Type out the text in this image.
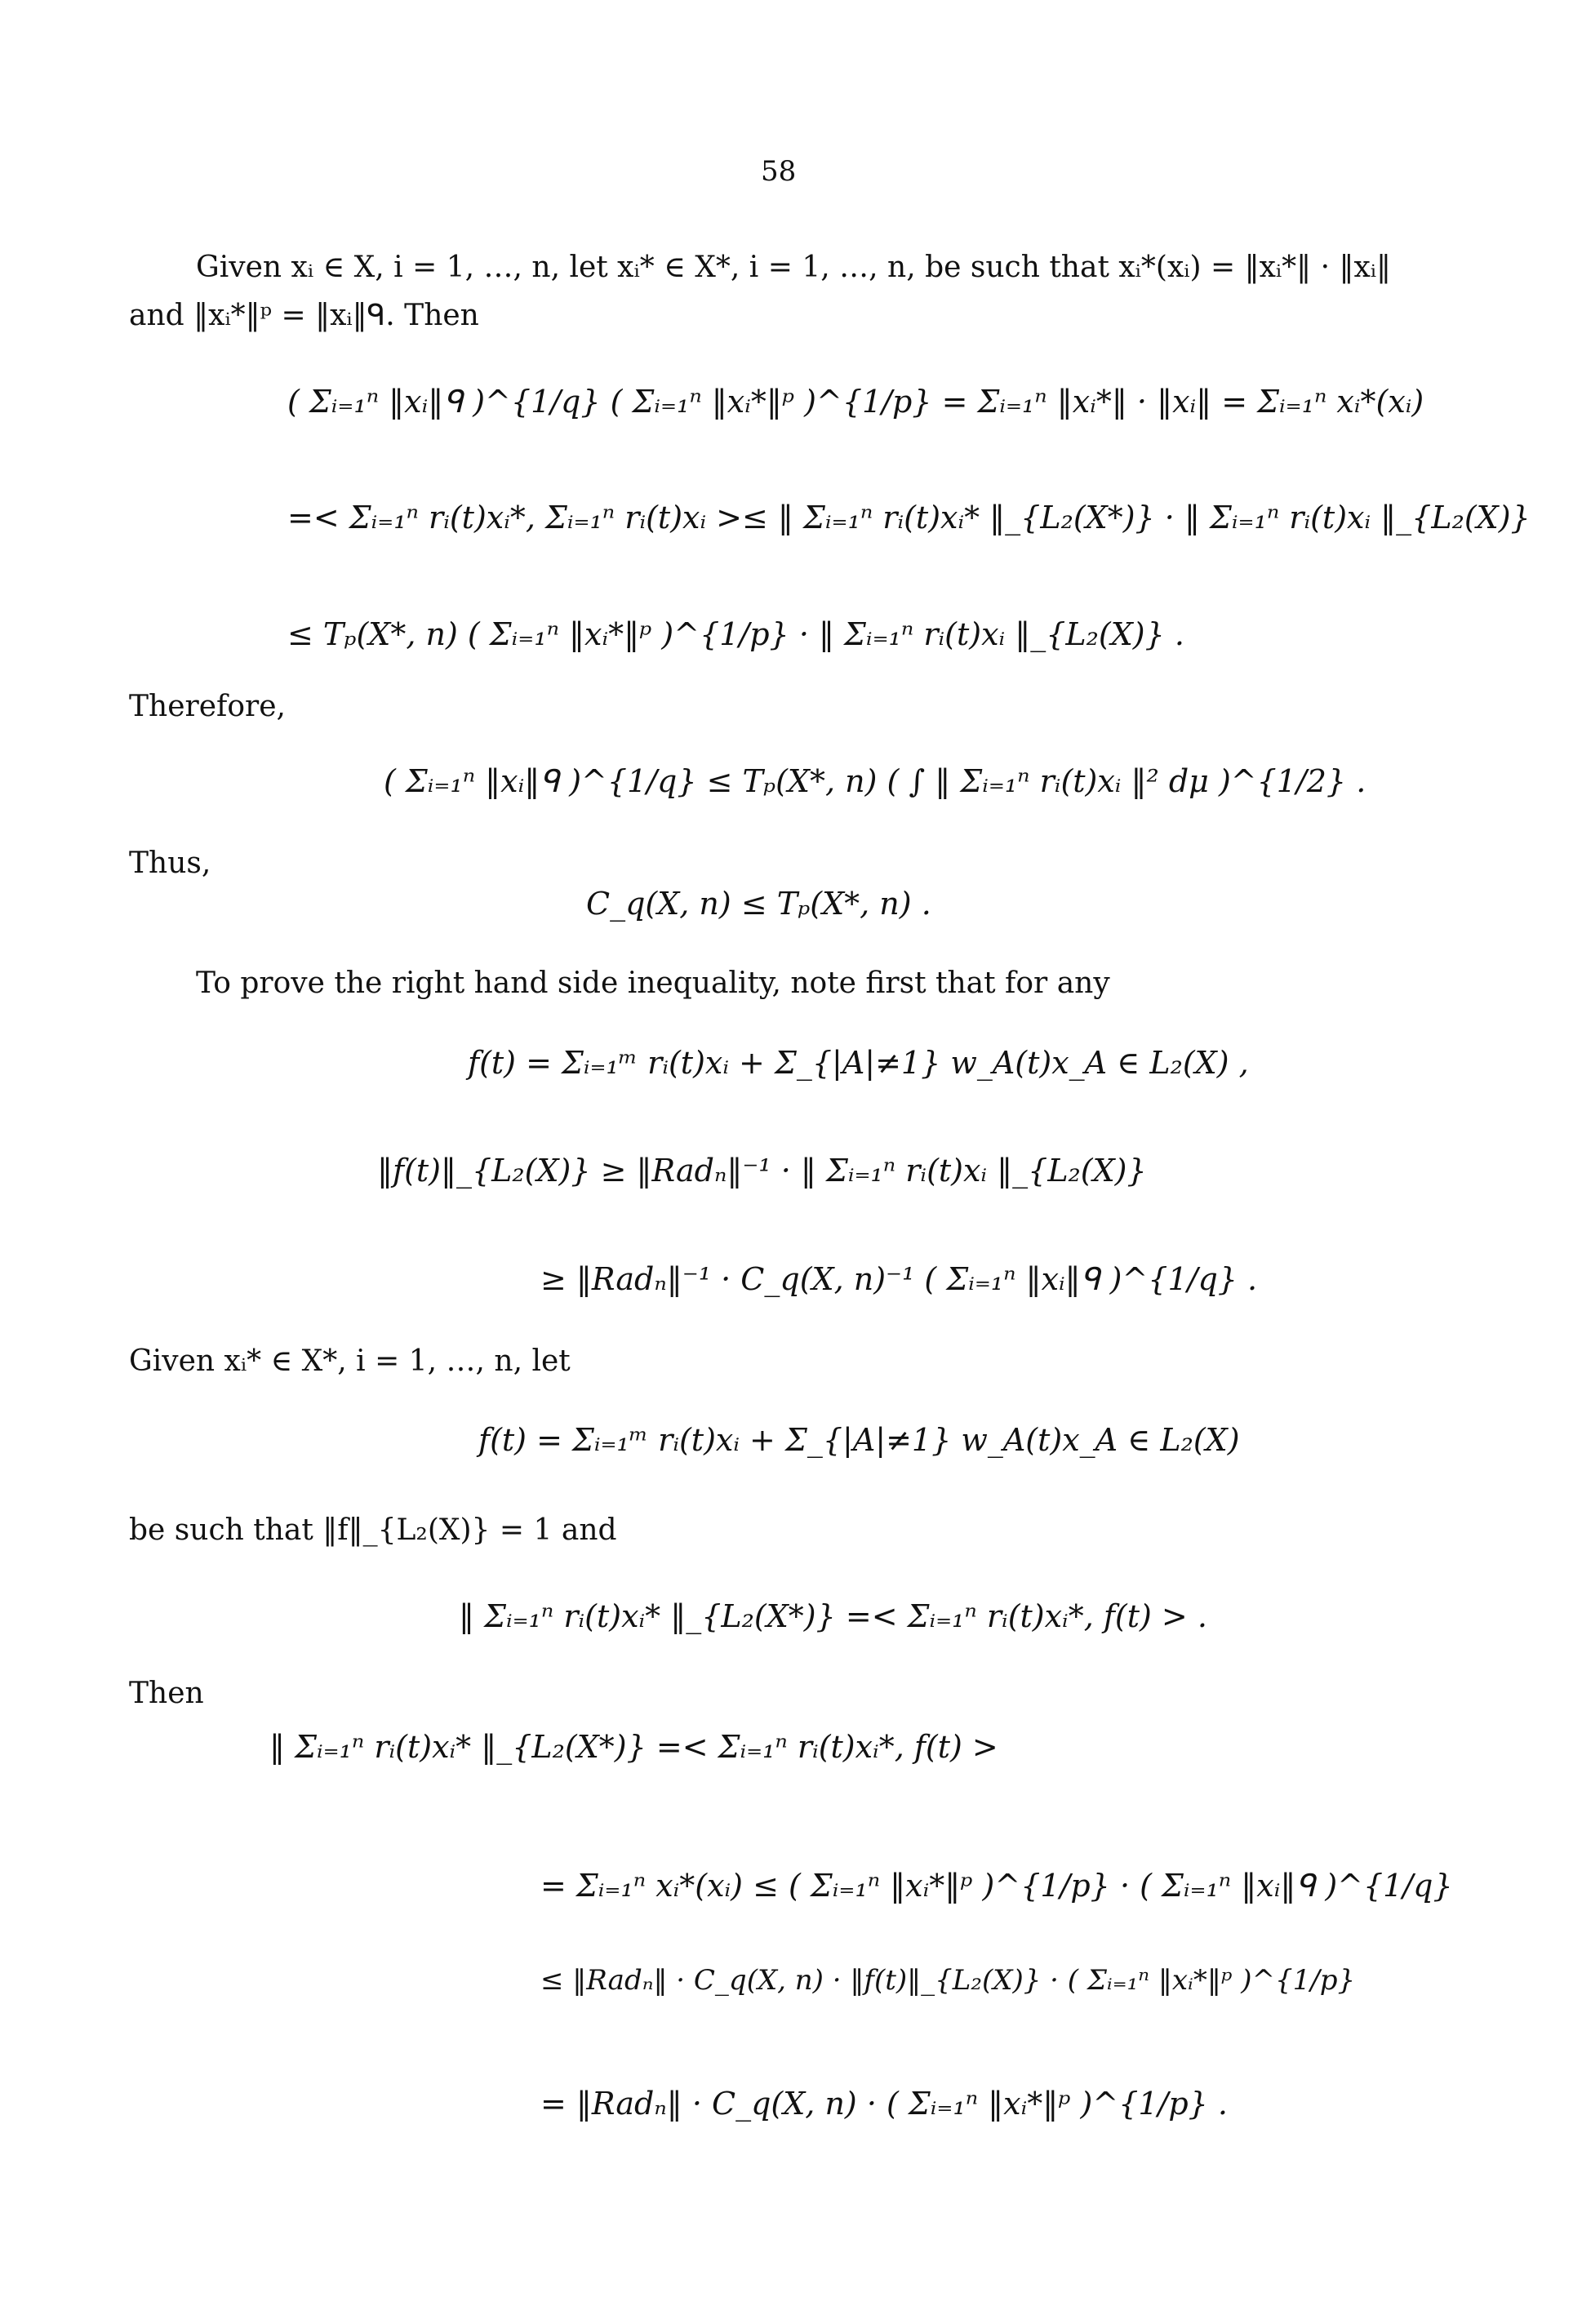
58
Given xᵢ ∈ X, i = 1, …, n, let xᵢ* ∈ X*, i = 1, …, n, be such that xᵢ*(xᵢ) = ‖xᵢ*‖ · ‖xᵢ‖
and ‖xᵢ*‖ᵖ = ‖xᵢ‖ᑫ. Then
( Σᵢ₌₁ⁿ ‖xᵢ‖ᑫ )^{1/q} ( Σᵢ₌₁ⁿ ‖xᵢ*‖ᵖ )^{1/p} = Σᵢ₌₁ⁿ ‖xᵢ*‖ · ‖xᵢ‖ = Σᵢ₌₁ⁿ xᵢ*(xᵢ)
=< Σᵢ₌₁ⁿ rᵢ(t)xᵢ*, Σᵢ₌₁ⁿ rᵢ(t)xᵢ >≤ ‖ Σᵢ₌₁ⁿ rᵢ(t)xᵢ* ‖_{L₂(X*)} · ‖ Σᵢ₌₁ⁿ rᵢ(t)xᵢ ‖_{L₂(X)}
≤ Tₚ(X*, n) ( Σᵢ₌₁ⁿ ‖xᵢ*‖ᵖ )^{1/p} · ‖ Σᵢ₌₁ⁿ rᵢ(t)xᵢ ‖_{L₂(X)} .
Therefore,
( Σᵢ₌₁ⁿ ‖xᵢ‖ᑫ )^{1/q} ≤ Tₚ(X*, n) ( ∫ ‖ Σᵢ₌₁ⁿ rᵢ(t)xᵢ ‖² dμ )^{1/2} .
Thus,
C_q(X, n) ≤ Tₚ(X*, n) .
To prove the right hand side inequality, note first that for any
f(t) = Σᵢ₌₁ᵐ rᵢ(t)xᵢ + Σ_{|A|≠1} w_A(t)x_A ∈ L₂(X) ,
‖f(t)‖_{L₂(X)} ≥ ‖Radₙ‖⁻¹ · ‖ Σᵢ₌₁ⁿ rᵢ(t)xᵢ ‖_{L₂(X)}
≥ ‖Radₙ‖⁻¹ · C_q(X, n)⁻¹ ( Σᵢ₌₁ⁿ ‖xᵢ‖ᑫ )^{1/q} .
Given xᵢ* ∈ X*, i = 1, …, n, let
f(t) = Σᵢ₌₁ᵐ rᵢ(t)xᵢ + Σ_{|A|≠1} w_A(t)x_A ∈ L₂(X)
be such that ‖f‖_{L₂(X)} = 1 and
‖ Σᵢ₌₁ⁿ rᵢ(t)xᵢ* ‖_{L₂(X*)} =< Σᵢ₌₁ⁿ rᵢ(t)xᵢ*, f(t) > .
Then
‖ Σᵢ₌₁ⁿ rᵢ(t)xᵢ* ‖_{L₂(X*)} =< Σᵢ₌₁ⁿ rᵢ(t)xᵢ*, f(t) >
= Σᵢ₌₁ⁿ xᵢ*(xᵢ) ≤ ( Σᵢ₌₁ⁿ ‖xᵢ*‖ᵖ )^{1/p} · ( Σᵢ₌₁ⁿ ‖xᵢ‖ᑫ )^{1/q}
≤ ‖Radₙ‖ · C_q(X, n) · ‖f(t)‖_{L₂(X)} · ( Σᵢ₌₁ⁿ ‖xᵢ*‖ᵖ )^{1/p}
= ‖Radₙ‖ · C_q(X, n) · ( Σᵢ₌₁ⁿ ‖xᵢ*‖ᵖ )^{1/p} .
